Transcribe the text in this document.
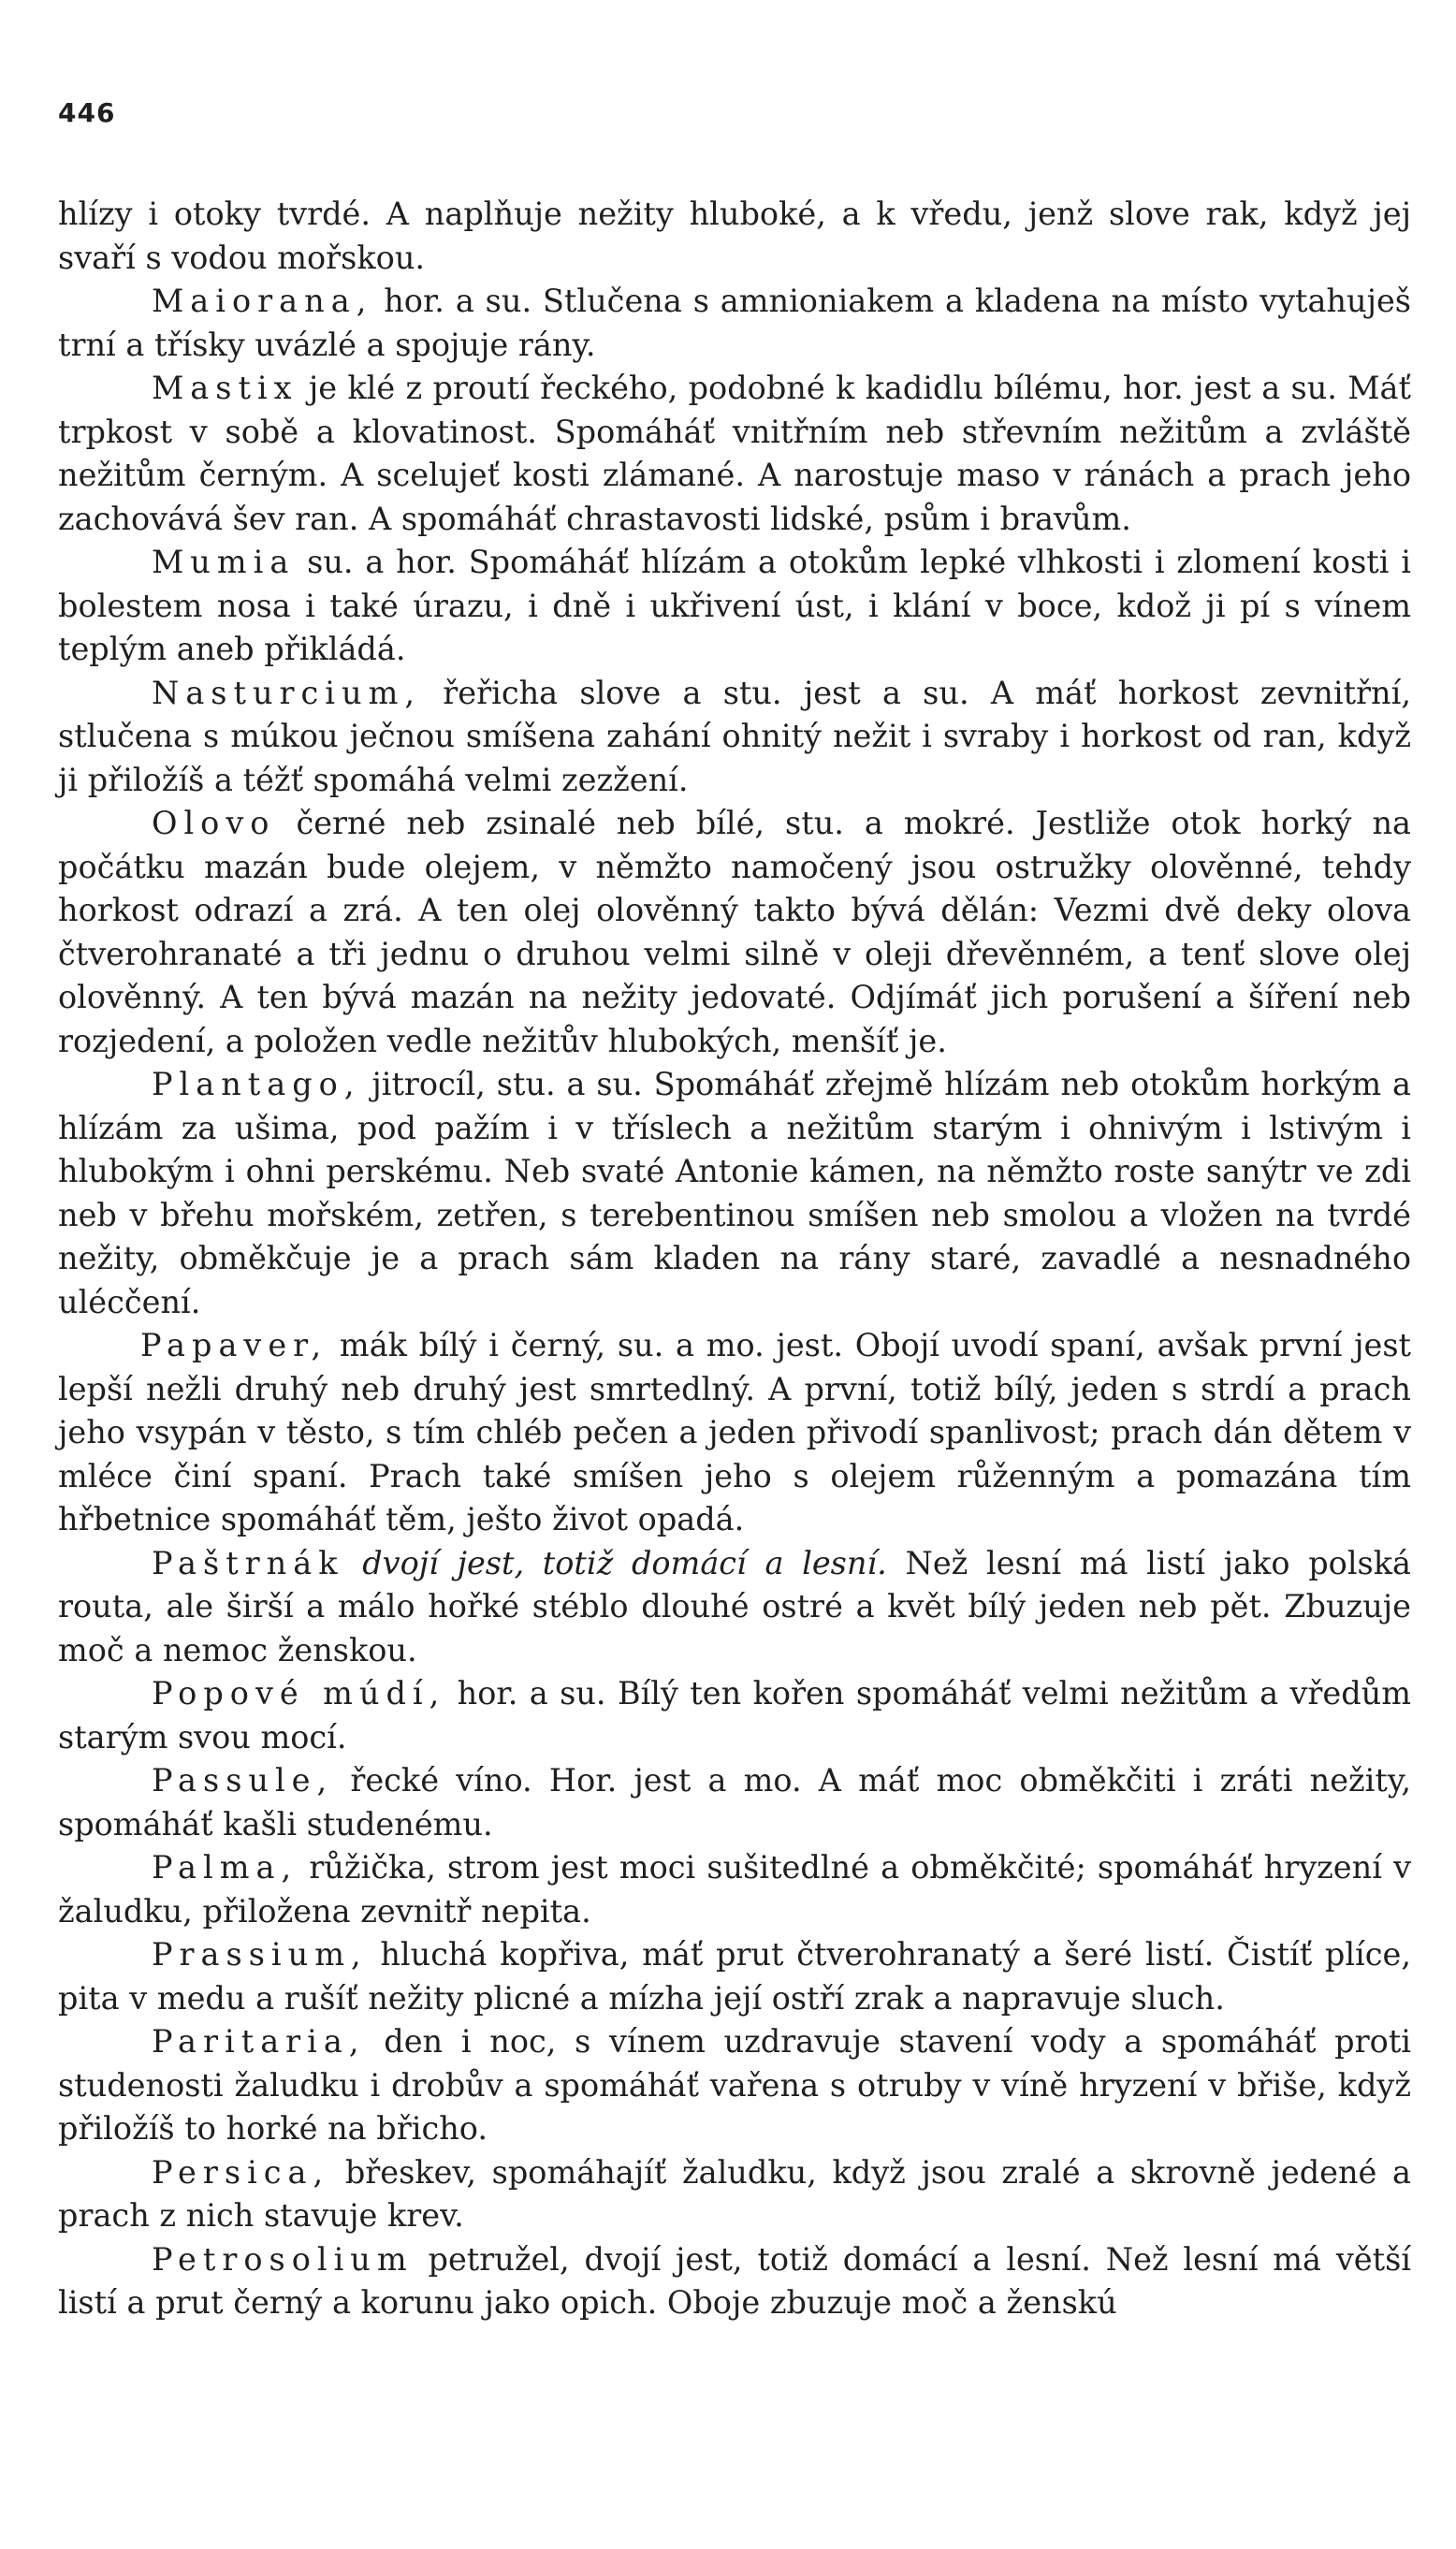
446

hlízy i otoky tvrdé. A naplňuje nežity hluboké, a k vředu, jenž slove rak, když jej svaří s vodou mořskou.

Maiorana, hor. a su. Stlučena s amnioniakem a kladena na místo vytahuješ trní a třísky uvázlé a spojuje rány.

Mastix je klé z proutí řeckého, podobné k kadidlu bílému, hor. jest a su. Máť trpkost v sobě a klovatinost. Spomáháť vnitřním neb střevním nežitům a zvláště nežitům černým. A scelujeť kosti zlámané. A narostuje maso v ránách a prach jeho zachovává šev ran. A spomáháť chrastavosti lidské, psům i bravům.

Mumia su. a hor. Spomáháť hlízám a otokům lepké vlhkosti i zlomení kosti i bolestem nosa i také úrazu, i dně i ukřivení úst, i klání v boce, kdož ji pí s vínem teplým aneb přikládá.

Nasturcium, řeřicha slove a stu. jest a su. A máť horkost zevnitřní, stlučena s múkou ječnou smíšena zahání ohnitý nežit i svraby i horkost od ran, když ji přiložíš a téžť spomáhá velmi zezžení.

Olovo černé neb zsinalé neb bílé, stu. a mokré. Jestliže otok horký na počátku mazán bude olejem, v němžto namočený jsou ostružky olověnné, tehdy horkost odrazí a zrá. A ten olej olověnný takto bývá dělán: Vezmi dvě deky olova čtverohranaté a tři jednu o druhou velmi silně v oleji dřevěnném, a tenť slove olej olověnný. A ten bývá mazán na nežity jedovaté. Odjímáť jich porušení a šíření neb rozjedení, a položen vedle nežitův hlubokých, menšíť je.

Plantago, jitrocíl, stu. a su. Spomáháť zřejmě hlízám neb otokům horkým a hlízám za ušima, pod pažím i v tříslech a nežitům starým i ohnivým i lstivým i hlubokým i ohni perskému. Neb svaté Antonie kámen, na němžto roste sanýtr ve zdi neb v břehu mořském, zetřen, s terebentinou smíšen neb smolou a vložen na tvrdé nežity, obměkčuje je a prach sám kladen na rány staré, zavadlé a nesnadného ulécčení.

Papaver, mák bílý i černý, su. a mo. jest. Obojí uvodí spaní, avšak první jest lepší nežli druhý neb druhý jest smrtedlný. A první, totiž bílý, jeden s strdí a prach jeho vsypán v těsto, s tím chléb pečen a jeden přivodí spanlivost; prach dán dětem v mléce činí spaní. Prach také smíšen jeho s olejem růženným a pomazána tím hřbetnice spomáháť těm, ješto život opadá.

Paštrnák dvojí jest, totiž domácí a lesní. Než lesní má listí jako polská routa, ale širší a málo hořké stéblo dlouhé ostré a květ bílý jeden neb pět. Zbuzuje moč a nemoc ženskou.

Popové múdí, hor. a su. Bílý ten kořen spomáháť velmi nežitům a vředům starým svou mocí.

Passule, řecké víno. Hor. jest a mo. A máť moc obměkčiti i zráti nežity, spomáháť kašli studenému.

Palma, růžička, strom jest moci sušitedlné a obměkčité; spomáháť hryzení v žaludku, přiložena zevnitř nepita.

Prassium, hluchá kopřiva, máť prut čtverohranatý a šeré listí. Čistíť plíce, pita v medu a rušíť nežity plicné a mízha její ostří zrak a napravuje sluch.

Paritaria, den i noc, s vínem uzdravuje stavení vody a spomáháť proti studenosti žaludku i drobův a spomáháť vařena s otruby v víně hryzení v břiše, když přiložíš to horké na břicho.

Persica, břeskev, spomáhajíť žaludku, když jsou zralé a skrovně jedené a prach z nich stavuje krev.

Petrosolium petružel, dvojí jest, totiž domácí a lesní. Než lesní má větší listí a prut černý a korunu jako opich. Oboje zbuzuje moč a ženskú
